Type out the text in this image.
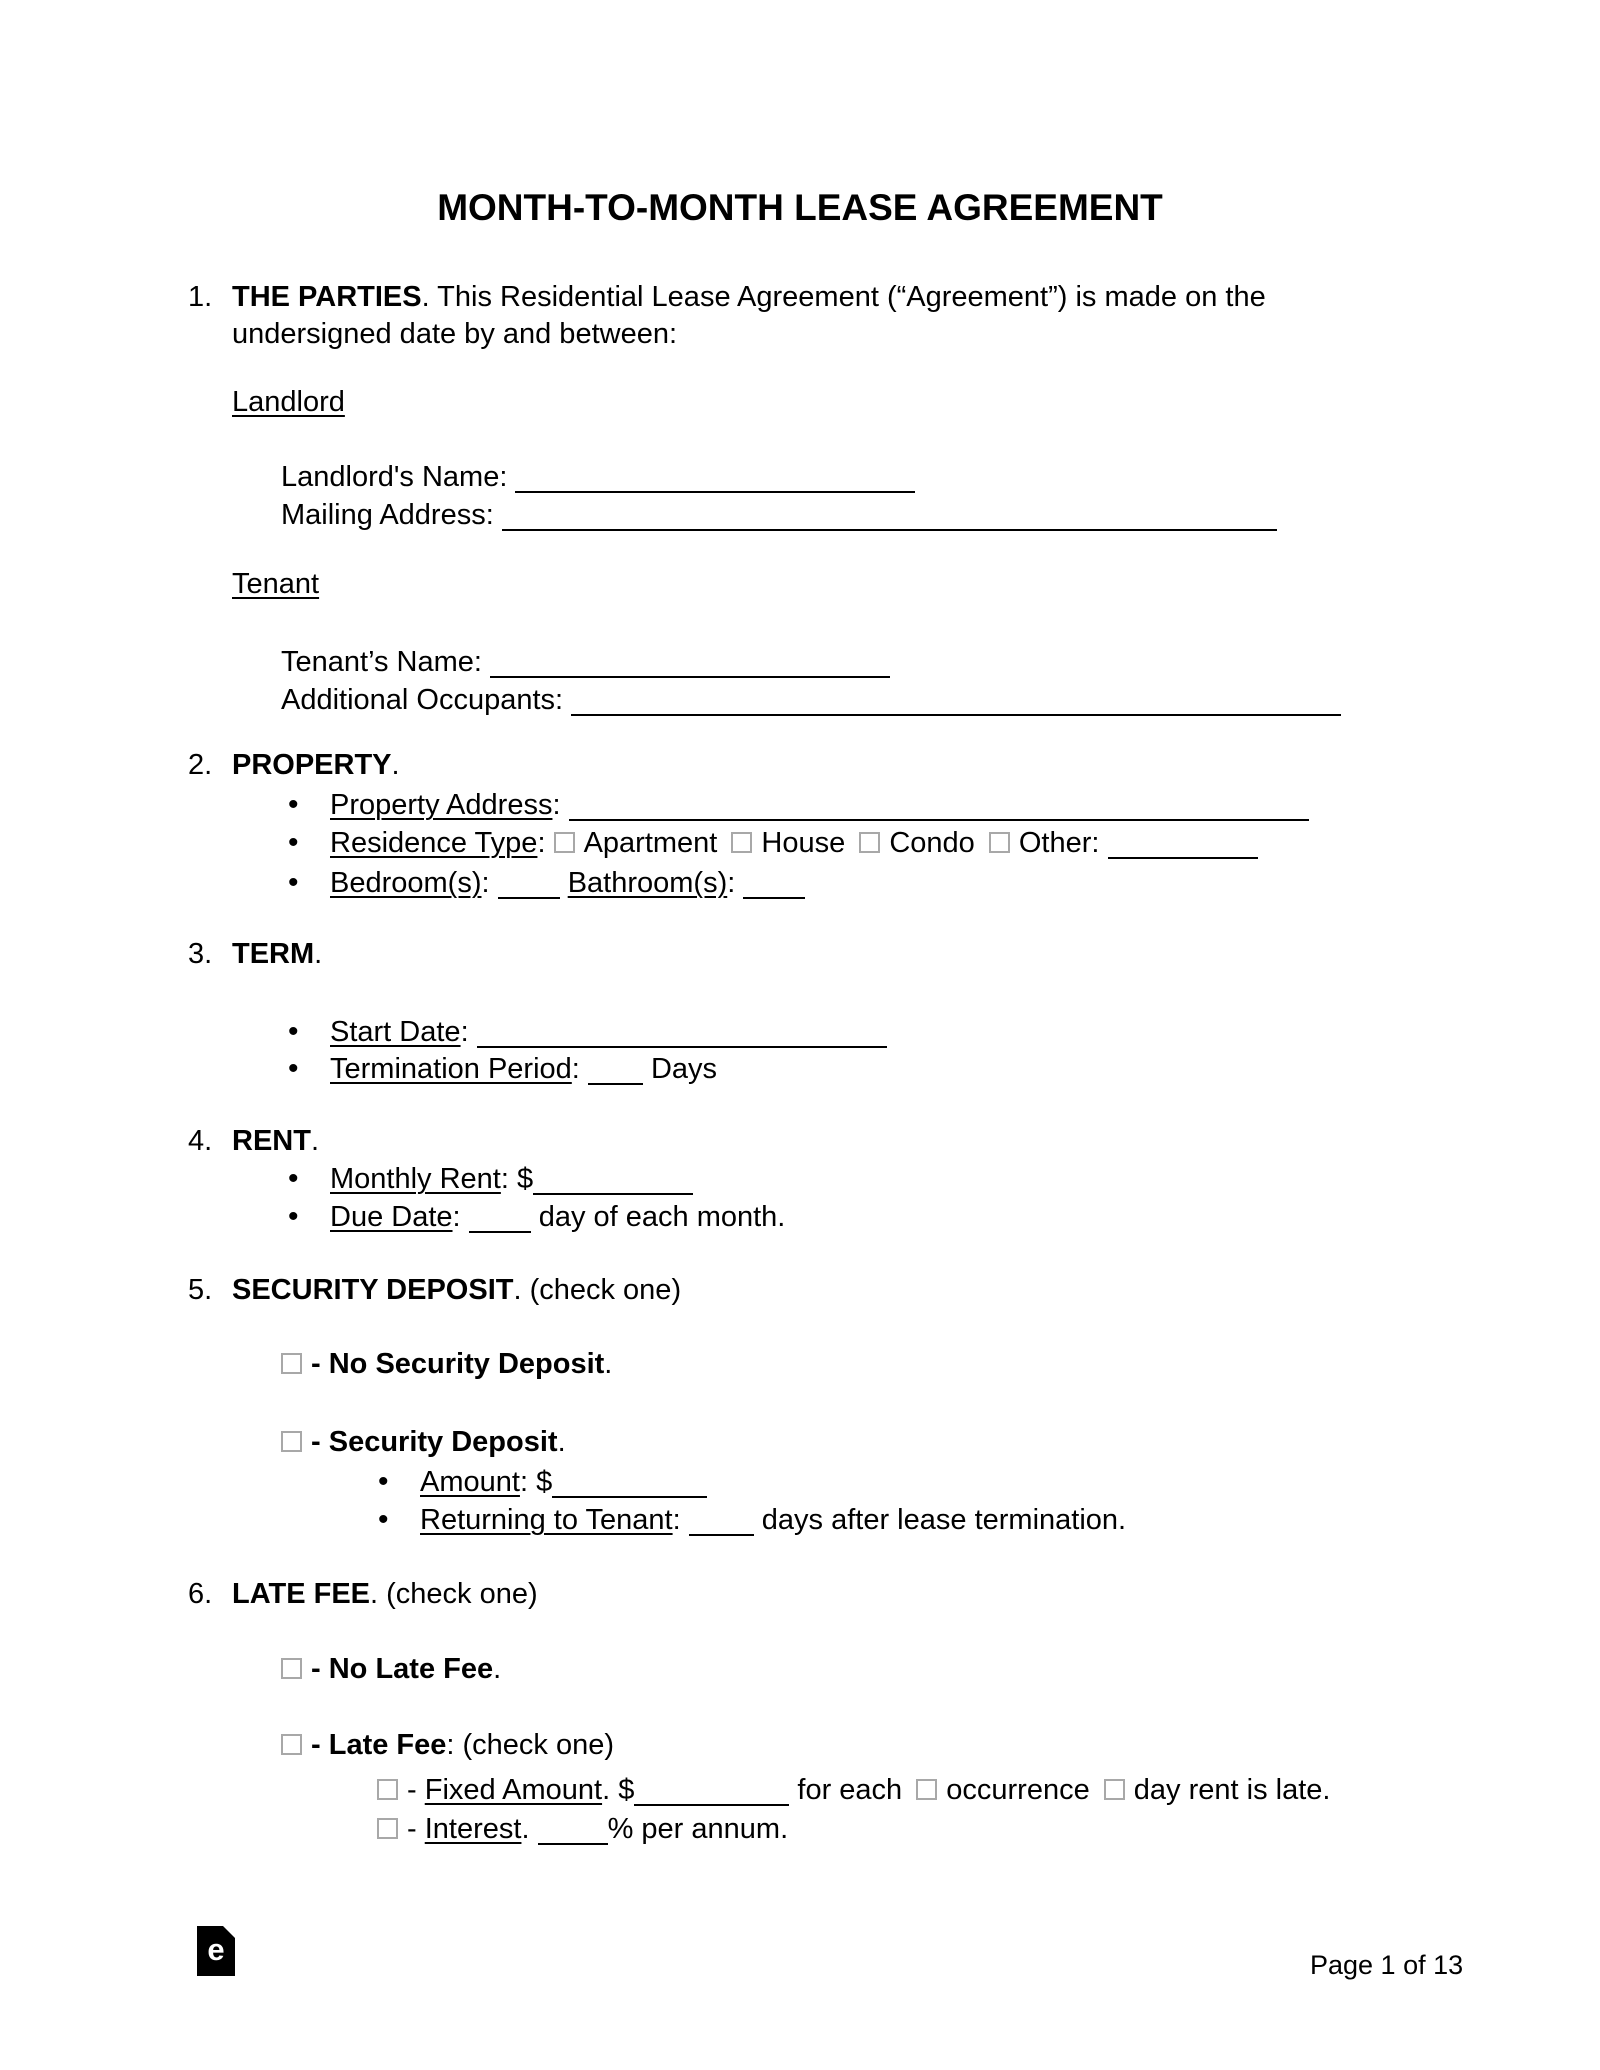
MONTH-TO-MONTH LEASE AGREEMENT
1. THE PARTIES. This Residential Lease Agreement (“Agreement”) is made on the
undersigned date by and between:
Landlord
Landlord's Name:
Mailing Address:
Tenant
Tenant’s Name:
Additional Occupants:
2. PROPERTY.
• Property Address:
• Residence Type: Apartment House Condo Other:
• Bedroom(s):	Bathroom(s):
3. TERM.
• Start Date:
• Termination Period: Days
4. RENT.
• Monthly Rent: $
• Due Date:	day of each month.
5. SECURITY DEPOSIT. (check one)
- No Security Deposit.
- Security Deposit.
• Amount: $
• Returning to Tenant:	days after lease termination.
6. LATE FEE. (check one)
- No Late Fee.
- Late Fee: (check one)
- Fixed Amount. $	for each occurrence day rent is late.
- Interest.	% per annum.
e	Page 1 of 13
